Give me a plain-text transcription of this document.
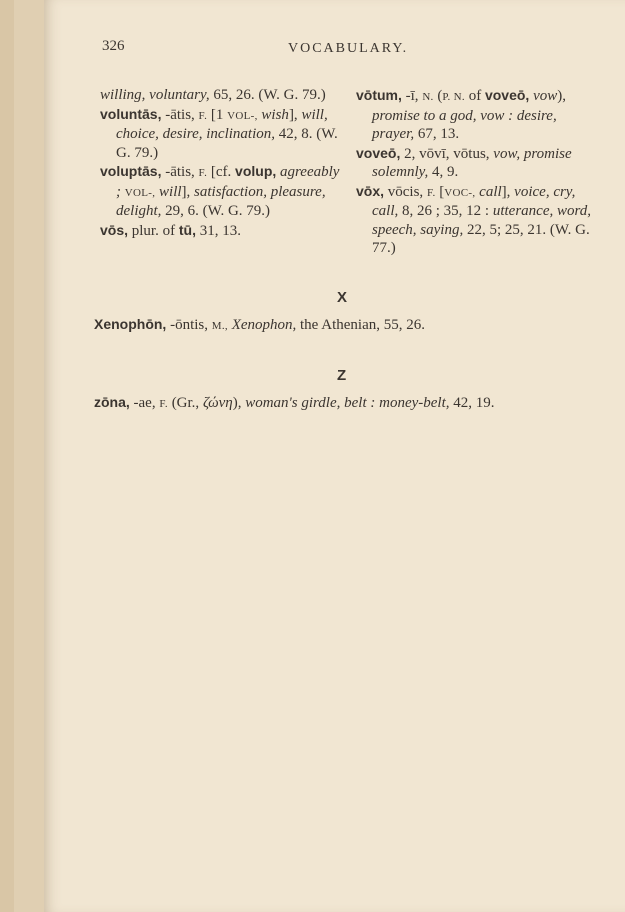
326	VOCABULARY.

willing, voluntary, 65, 26. (W. G. 79.)

voluntās, -ātis, F. [1 VOL-, wish], will, choice, desire, inclination, 42, 8. (W. G. 79.)

voluptās, -ātis, F. [cf. volup, agreeably ; VOL-, will], satisfaction, pleasure, delight, 29, 6. (W. G. 79.)

vōs, plur. of tū, 31, 13.

vōtum, -ī, N. (P. N. of voveō, vow), promise to a god, vow : desire, prayer, 67, 13.

voveō, 2, vōvī, vōtus, vow, promise solemnly, 4, 9.

vōx, vōcis, F. [VOC-, call], voice, cry, call, 8, 26 ; 35, 12 : utterance, word, speech, saying, 22, 5; 25, 21. (W. G. 77.)

X
Xenophōn, -ōntis, M., Xenophon, the Athenian, 55, 26.
Z
zōna, -ae, F. (Gr., ζώνη), woman's girdle, belt : money-belt, 42, 19.
